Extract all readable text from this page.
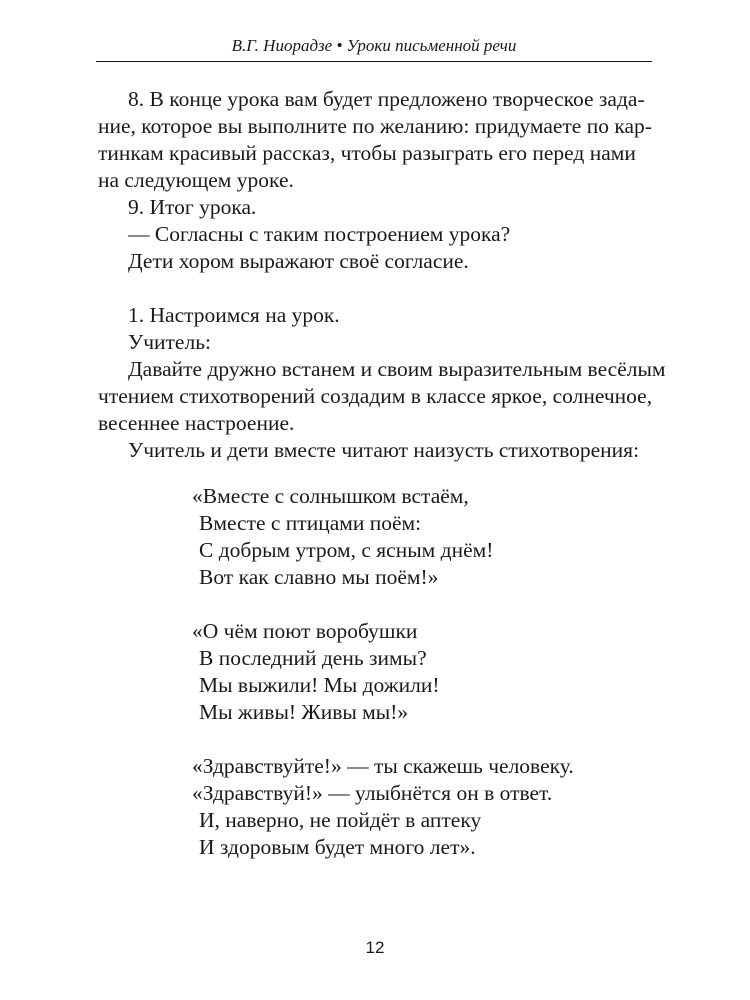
В.Г. Ниорадзе • Уроки письменной речи

8. В конце урока вам будет предложено творческое зада-
ние, которое вы выполните по желанию: придумаете по кар-
тинкам красивый рассказ, чтобы разыграть его перед нами
на следующем уроке.

9. Итог урока.

— Согласны с таким построением урока?

Дети хором выражают своё согласие.

1. Настроимся на урок.

Учитель:

Давайте дружно встанем и своим выразительным весёлым
чтением стихотворений создадим в классе яркое, солнечное,
весеннее настроение.

Учитель и дети вместе читают наизусть стихотворения:

«Вместе с солнышком встаём,
Вместе с птицами поём:
С добрым утром, с ясным днём!
Вот как славно мы поём!»
«О чём поют воробушки
В последний день зимы?
Мы выжили! Мы дожили!
Мы живы! Живы мы!»
«Здравствуйте!» — ты скажешь человеку.
«Здравствуй!» — улыбнётся он в ответ.
И, наверно, не пойдёт в аптеку
И здоровым будет много лет».
12
